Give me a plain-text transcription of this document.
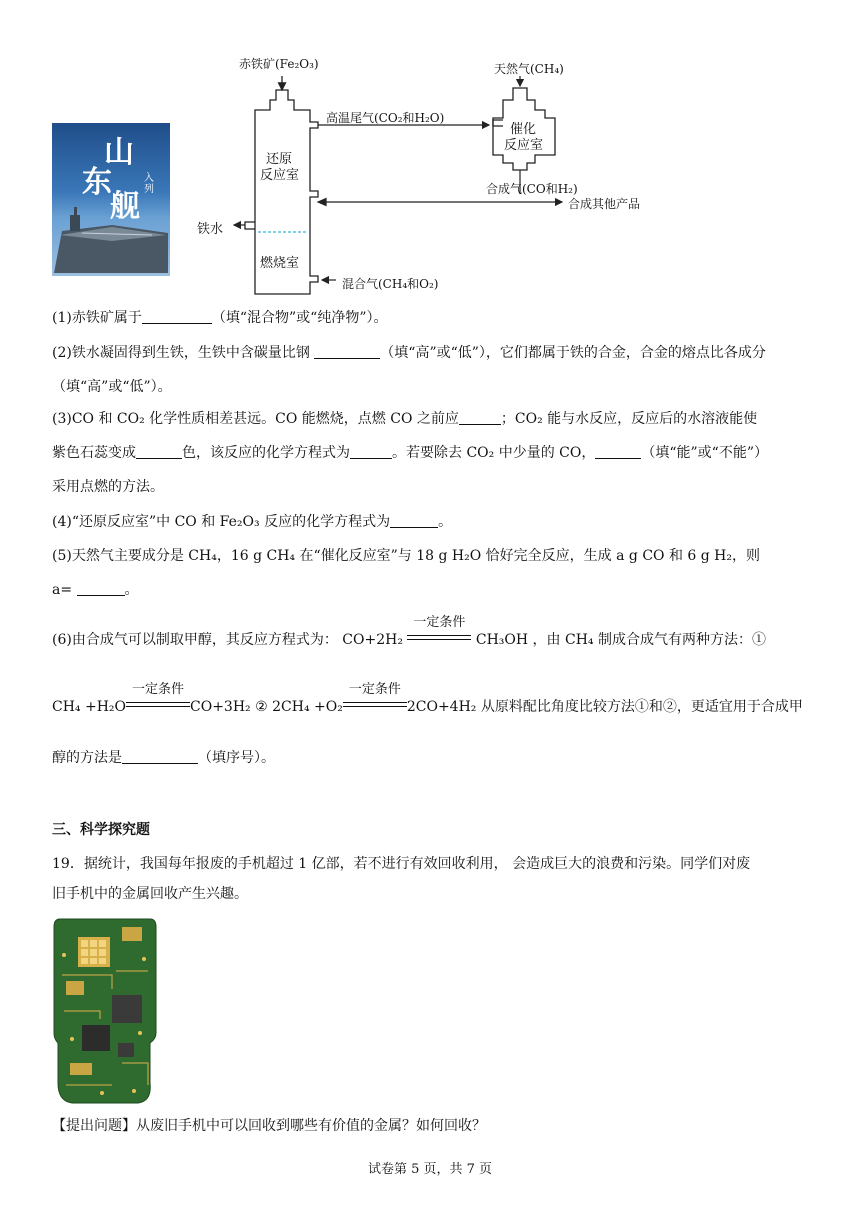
山
东
舰
入列
赤铁矿(Fe₂O₃)	天然气(CH₄)
高温尾气(CO₂和H₂O)
催化
反应室
还原
反应室
合成气(CO和H₂)
合成其他产品
铁水
燃烧室
混合气(CH₄和O₂)
(1)赤铁矿属于	（填“混合物”或“纯净物”）。
(2)铁水凝固得到生铁，生铁中含碳量比钢	（填“高”或“低”），它们都属于铁的合金，合金的熔点比各成分
（填“高”或“低”）。
(3)CO 和 CO₂ 化学性质相差甚远。CO 能燃烧，点燃 CO 之前应	；CO₂ 能与水反应，反应后的水溶液能使
紫色石蕊变成	色，该反应的化学方程式为	。若要除去 CO₂ 中少量的 CO，	（填“能”或“不能”）
采用点燃的方法。
(4)“还原反应室”中 CO 和 Fe₂O₃ 反应的化学方程式为	。
(5)天然气主要成分是 CH₄，16 g CH₄ 在“催化反应室”与 18 g H₂O 恰好完全反应，生成 a g CO 和 6 g H₂，则
a=	。
(6)由合成气可以制取甲醇，其反应方程式为： CO+2H₂
一定条件
CH₃OH ，由 CH₄ 制成合成气有两种方法：①
CH₄ +H₂O
一定条件
CO+3H₂ ② 2CH₄ +O₂
一定条件
2CO+4H₂ 从原料配比角度比较方法①和②，更适宜用于合成甲
醇的方法是	（填序号）。
三、科学探究题
19．据统计，我国每年报废的手机超过 1 亿部，若不进行有效回收利用， 会造成巨大的浪费和污染。同学们对废
旧手机中的金属回收产生兴趣。
【提出问题】从废旧手机中可以回收到哪些有价值的金属？如何回收？
试卷第 5 页，共 7 页
